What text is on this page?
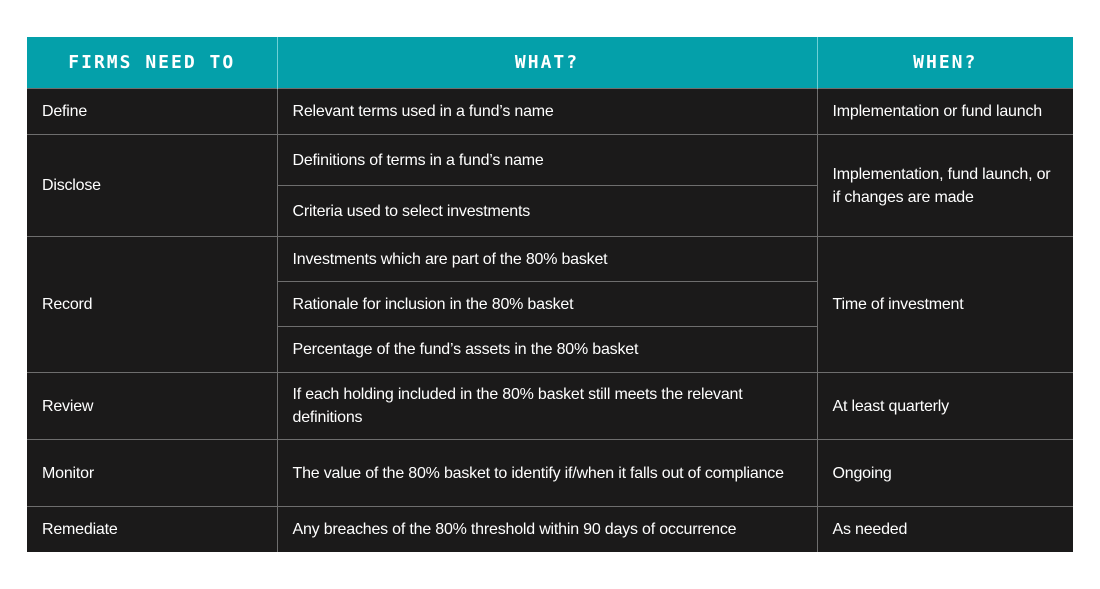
FIRMS NEED TO	WHAT?	WHEN?
Define	Relevant terms used in a fund’s name	Implementation or fund launch
Disclose	Definitions of terms in a fund’s name	Implementation, fund launch, or if changes are made
	Criteria used to select investments	
Record	Investments which are part of the 80% basket	Time of investment
	Rationale for inclusion in the 80% basket	
	Percentage of the fund’s assets in the 80% basket	
Review	If each holding included in the 80% basket still meets the relevant definitions	At least quarterly
Monitor	The value of the 80% basket to identify if/when it falls out of compliance	Ongoing
Remediate	Any breaches of the 80% threshold within 90 days of occurrence	As needed
